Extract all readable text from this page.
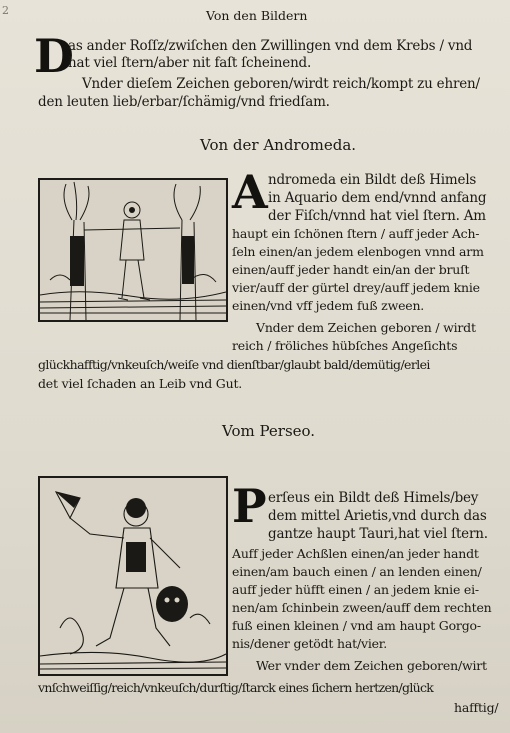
2	Von den Bildern
D
as ander Roſſz/zwiſchen den Zwillingen vnd dem Krebs / vnd
hat viel ſtern/aber nit faſt ſcheinend.
Vnder dieſem Zeichen geboren/wirdt reich/kompt zu ehren/
den leuten lieb/erbar/ſchämig/vnd friedſam.
Von der Andromeda.
A ndromeda ein Bildt deß Himels
in Aquario dem end/vnnd anfang
der Fiſch/vnnd hat viel ſtern. Am
haupt ein ſchönen ſtern / auff jeder Ach-
ſeln einen/an jedem elenbogen vnnd arm
einen/auff jeder handt ein/an der bruſt
vier/auff der gürtel drey/auff jedem knie
einen/vnd vff jedem fuß zween.
Vnder dem Zeichen geboren / wirdt
reich / fröliches hübſches Angeſichts
glückhafftig/vnkeuſch/weiſe vnd dienſtbar/glaubt bald/demütig/erlei
det viel ſchaden an Leib vnd Gut.
Vom Perseo.
P erſeus ein Bildt deß Himels/bey
dem mittel Arietis,vnd durch das
gantze haupt Tauri,hat viel ſtern.
Auff jeder Achßlen einen/an jeder handt
einen/am bauch einen / an lenden einen/
auff jeder hüfft einen / an jedem knie ei-
nen/am ſchinbein zween/auff dem rechten
fuß einen kleinen / vnd am haupt Gorgo-
nis/dener getödt hat/vier.
Wer vnder dem Zeichen geboren/wirt
vnſchweiſſig/reich/vnkeuſch/durſtig/ſtarck eines ſichern hertzen/glück
hafftig/
